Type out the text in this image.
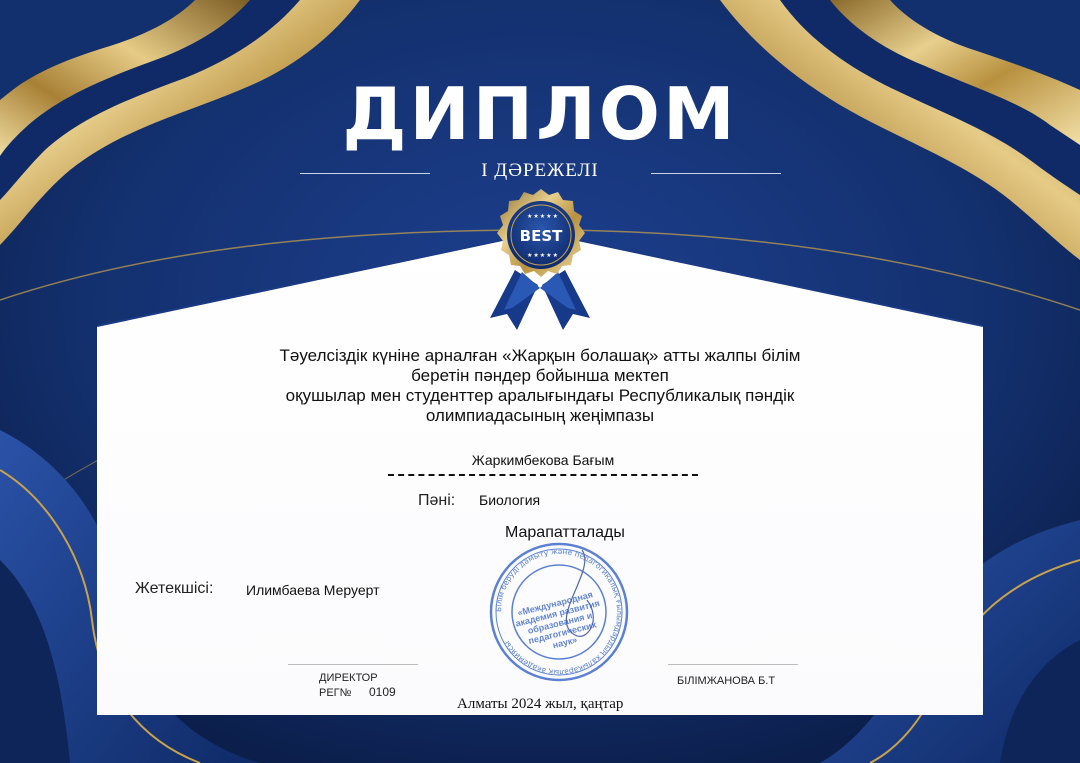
★★★★★
BEST
★★★★★
ДИПЛОМ
І ДӘРЕЖЕЛІ
Тәуелсіздік күніне арналған «Жарқын болашақ» атты жалпы білім
беретін пәндер бойынша мектеп
оқушылар мен студенттер аралығындағы Республикалық пәндік
олимпиадасының жеңімпазы
Жаркимбекова Бағым
Пәні: Биология
Марапатталады
Жетекшісі: Илимбаева Меруерт
Білім беруді дамыту және педагогикалық ғылымдардың халықаралық академиясы
«Международная академия развития образования и педагогических наук»
ДИРЕКТОР
РЕГ№ 0109
БІЛІМЖАНОВА Б.Т
Алматы 2024 жыл, қаңтар
